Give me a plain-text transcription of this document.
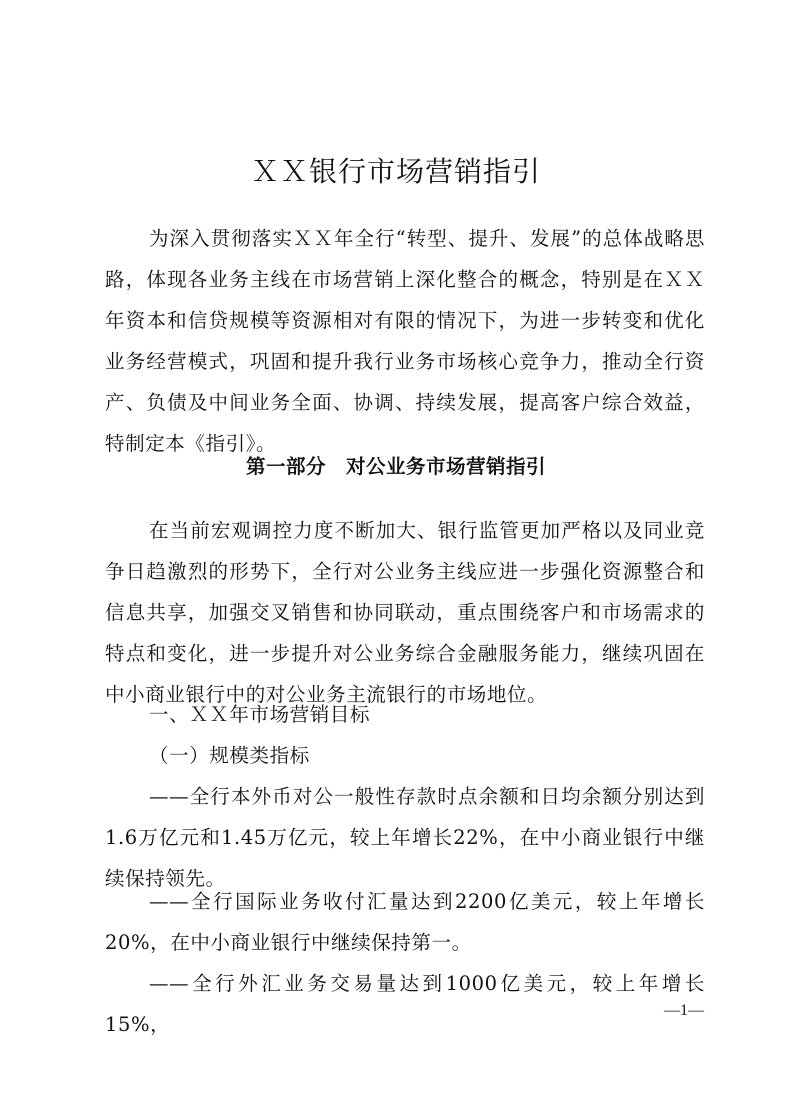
ＸＸ银行市场营销指引
为深入贯彻落实ＸＸ年全行“转型、提升、发展”的总体战略思路，体现各业务主线在市场营销上深化整合的概念，特别是在ＸＸ年资本和信贷规模等资源相对有限的情况下，为进一步转变和优化业务经营模式，巩固和提升我行业务市场核心竞争力，推动全行资产、负债及中间业务全面、协调、持续发展，提高客户综合效益，特制定本《指引》。
第一部分　对公业务市场营销指引
在当前宏观调控力度不断加大、银行监管更加严格以及同业竞争日趋激烈的形势下，全行对公业务主线应进一步强化资源整合和信息共享，加强交叉销售和协同联动，重点围绕客户和市场需求的特点和变化，进一步提升对公业务综合金融服务能力，继续巩固在中小商业银行中的对公业务主流银行的市场地位。
一、ＸＸ年市场营销目标
（一）规模类指标
——全行本外币对公一般性存款时点余额和日均余额分别达到1.6万亿元和1.45万亿元，较上年增长22%，在中小商业银行中继续保持领先。
——全行国际业务收付汇量达到2200亿美元，较上年增长20%，在中小商业银行中继续保持第一。
——全行外汇业务交易量达到1000亿美元，较上年增长15%，
—1—
